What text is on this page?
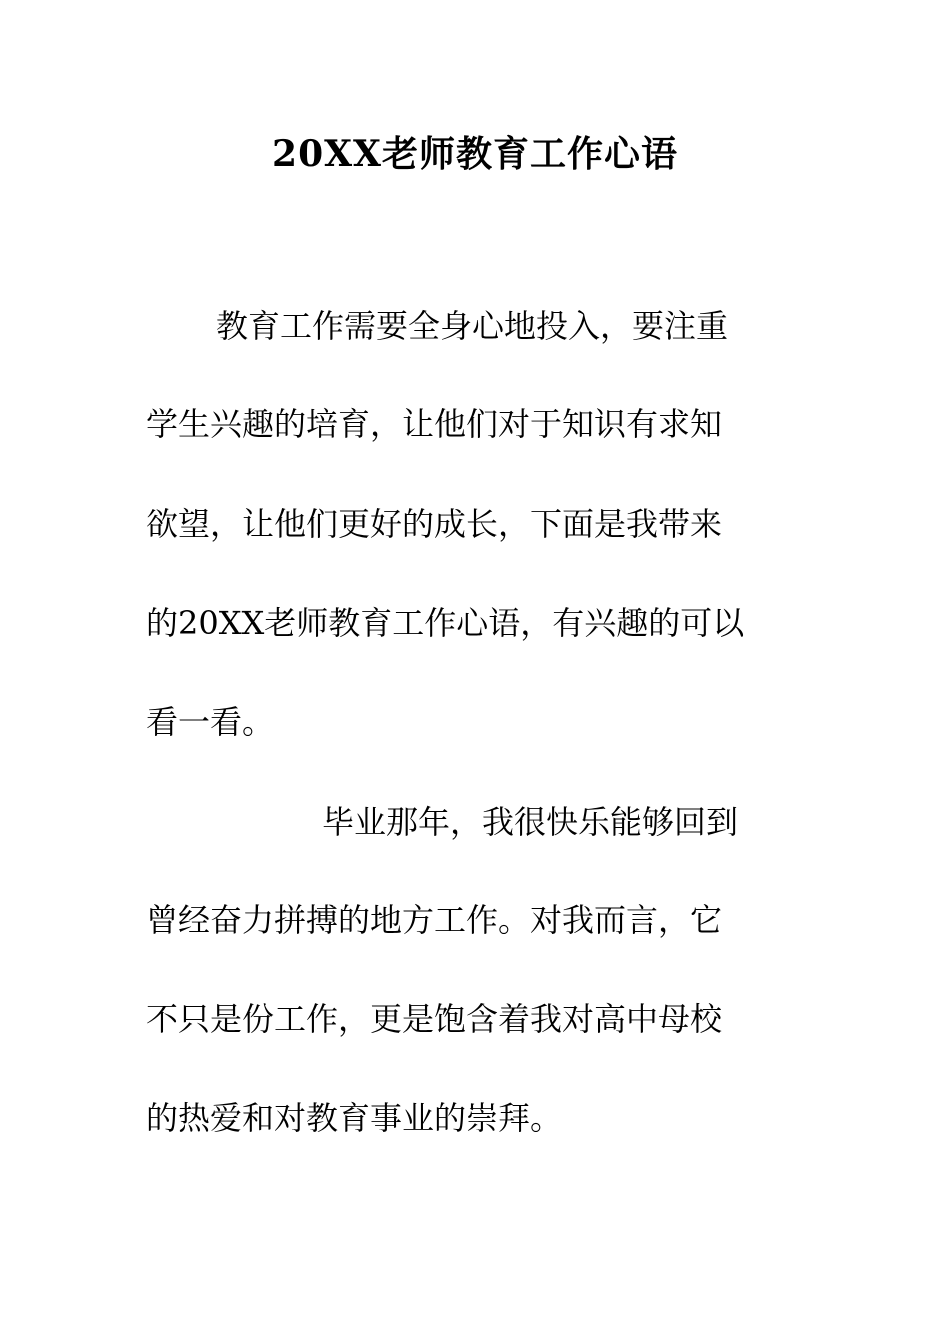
20XX老师教育工作心语
教育工作需要全身心地投入，要注重
学生兴趣的培育，让他们对于知识有求知
欲望，让他们更好的成长，下面是我带来
的20XX老师教育工作心语，有兴趣的可以
看一看。
毕业那年，我很快乐能够回到
曾经奋力拼搏的地方工作。对我而言，它
不只是份工作，更是饱含着我对高中母校
的热爱和对教育事业的崇拜。
